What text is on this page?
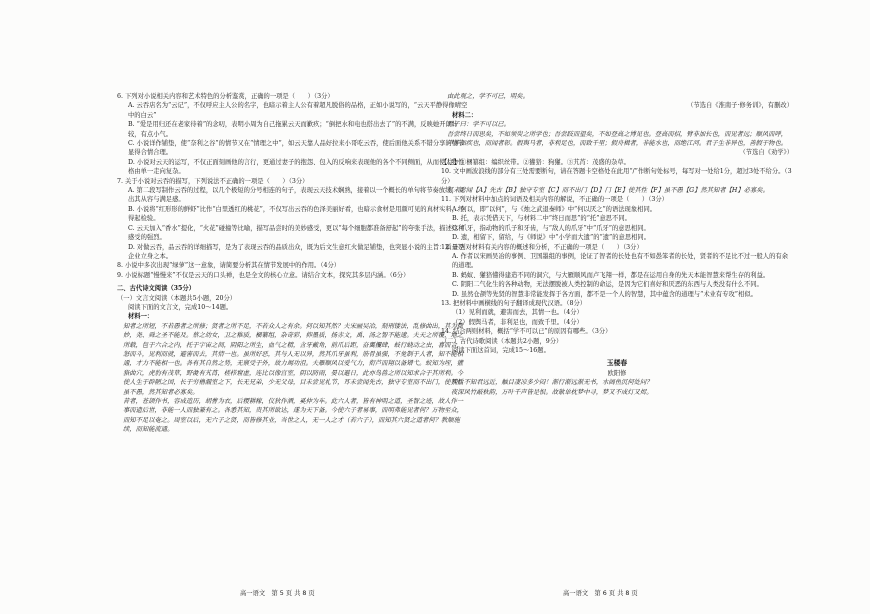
6. 下列对小说相关内容和艺术特色的分析鉴赏，正确的一项是（　　）（3分）

A. 云吞店名为“云记”，不仅呼应主人公的名字，也暗示着主人公有着超凡脱俗的品格，正如小说写的，“云天平静得像晴空中的白云”

B. “爱是用归还在老家待着”的念叨，表明小周为自己拖累云天而歉疚；“倒把水和电也搭出去了”的不满，反映她开朗计较，有点小气。

C. 小说详作铺垫，使“奈利之谷”的情节又在“情理之中”，如云天靠人品好拉来小哥吃云吞，使后面他关系不错分享的情节显得合情合理。

D. 小说对云天的运写，不仅正面刻画他的言行，更通过妻子的抱怨、包入的反响来表现他的各个不同侧面，从而使人物性格由单一走向复杂。

7. 关于小说对云吞的描写，下列说法不正确的一项是（　　）（3分）

A. 第二段写制作云吞的过程，以几个极短的分号相连的句子，表现云天技术娴熟，接着以一个概长的单句将节奏放缓，突出其从容与满足感。

B. 小说将“红形形的鲜虾”比作“白里透红的桃花”，不仅写出云吞的色泽美丽好看，也暗示食材是用颜可见的真材实料，经得起检验。

C. 云天加入“香水”提化，“火花”碰撞等比喻，描写品尝时的美妙感受，更以“每个细胞都准备舒起”的夸张手法，描述这种感受的强烈。

D. 对做云吞，品云吞的详细描写，是为了表现云吞的品质出众，既为后文生意红火做足铺垫，也突显小说的主旨：质量是企业立身之本。

8. 小说中多次出现“绿萝”这一意象，请简要分析其在情节发展中的作用。（4分）

9. 小说标题“慢慢来”不仅是云天的口头禅，也是全文的核心立意。请结合文本，探究其多层内涵。（6分）

二、古代诗文阅读（35分）

（一）文言文阅读（本题共5小题，20分）

阅读下面的文言文，完成10～14题。

材料一：

知者之所短，不若愚者之所修；贤者之所不足，不若众人之有余。何以知其然？夫宋画吴冶，刻刑镂法，乱修曲出，其为微妙，尧、舜之圣不能及。蔡之幼女，卫之稚质，梱纂组，杂奇彩，抑墨质，扬赤文，禹、汤之智不能逮。夫天之所覆，地之所载，包于六合之内，托于宇宙之间，阴阳之所生，血气之精，含牙戴角，前爪后距，奋翼攫肆，蚑行蛲动之虫，喜而合，怒而斗，见利而就，避害而去，其情一也。虽所好恶，其与人无以异，然其爪牙虽利，筋骨虽强，不免制于人者，知不能相通，才力不能相一也。各有其自然之势，无禀受于外，故力竭功沮。夫雁顺风以爱气力，衔芦而翔以备矰弋。蚁知为垤，獾狢曲穴，虎豹有茂草，野彘有艽莦，槎栉窟虚，连比以像宫室，阴以防雨，晏以避日，此亦鸟兽之所以知求合于其所利。今使人生于辟陋之国，长于穷橹漏室之下，长无兄弟，少无父母，目未尝见礼节，耳未尝闻先古，独守专室而不出门，使其性虽不愚，然其知者必寡矣。

昔者，苍颉作书，容成造历，胡曹为衣，后稷耕稼，仪狄作酒，奚仲为车。此六人者，皆有神明之道，圣智之迹，故人作一事而遗后世，非能一人而独兼有之。各悉其知，贵其所欲达，遂为天下备。今使六子者易事，而明弗能见者何？万物至众，而知不足以奄之。周室以后，无六子之贤，而皆修其业，当世之人，无一人之才（若六子），而知其六贤之道者何？教顺施续，而知能流通。

由此观之，学不可已，明矣。

（节选自《淮南子·修务训》，有删改）

材料二：

君子曰：学不可以已。

吾尝终日而思矣，不如须臾之所学也；吾尝跂而望矣，不如登高之博见也。登高而招，臂非加长也，而见者远；顺风而呼，声非加疾也，而闻者彰。假舆马者，非利足也，而致千里；假舟楫者，非能水也，而绝江河。君子生非异也，善假于物也。

（节选自《劝学》）

【注】①梱纂组：编织丝带。②獾狢：狗獾。③艽莦：茂盛的杂草。

10. 文中画波浪线的部分有三处需要断句，请在答题卡空格处在此用“/”作断句处标号，每写对一处给1分，超过3处不给分。（3分）

耳未尝闻【A】先古【B】独守专室【C】而不出门【D】门【E】使其性【F】虽不愚【G】然其知者【H】必寡矣。

11. 下列对材料中加点的词语及相关内容的解说，不正确的一项是（　　）（3分）

A. 何以，即“以何”，与《烛之武退秦师》中“何以厌之”的语法现象相同。

B. 托，表示凭借天下，与材料二中“终日而思”的“托”意思不同。

C. 爪牙，指动物的爪子和牙齿，与“敌人的爪牙”中“爪牙”的意思相同。

D. 遗，相留下，留给，与《师说》中“小学而大遗”的“遗”的意思相同。

12. 下列对材料有关内容的概述和分析，不正确的一项是（　　）（3分）

A. 作者以宋画吴冶的事例、卫国墨组的事例，论证了智者的长处也有不如愚笨者的长处，贤者的不足比不过一般人的有余的道理。

B. 蚂蚁、獾狢懂得建造不同的洞穴，与大雁顺风而卢飞翔一样，都是在运用自身的先天本能智慧来帮生存的利益。

C. 阴阳二气化生的各种动物，无法摆脱被人类控制的命运，是因为它们喜好和厌恶的东西与人类没有什么不同。

D. 虽然仓颉等先贤的智慧非常能发挥于各方面，都不是一个人的智慧，其中蕴含的道理与“术业有专攻”相似。

13. 把材料中画横线的句子翻译成现代汉语。（8分）

（1）见利而就，避害而去，其情一也。（4分）

（2）假舆马者，非利足也，而致千里。（4分）

14. 结合两则材料，概括“学不可以已”的原因有哪些。（3分）

（二）古代诗歌阅读（本题共2小题，9分）

阅读下面这首词，完成15～16题。

玉楼春

欧阳修

别后不知君远近，触目凄凉多少闷！渐行渐远渐无书，水阔鱼沉何处问？

夜深风竹敲秋韵，万叶千声皆是恨。故欹单枕梦中寻，梦又不成灯又烬。

高一语文　第 5 页 共 8 页	高一语文　第 6 页 共 8 页
